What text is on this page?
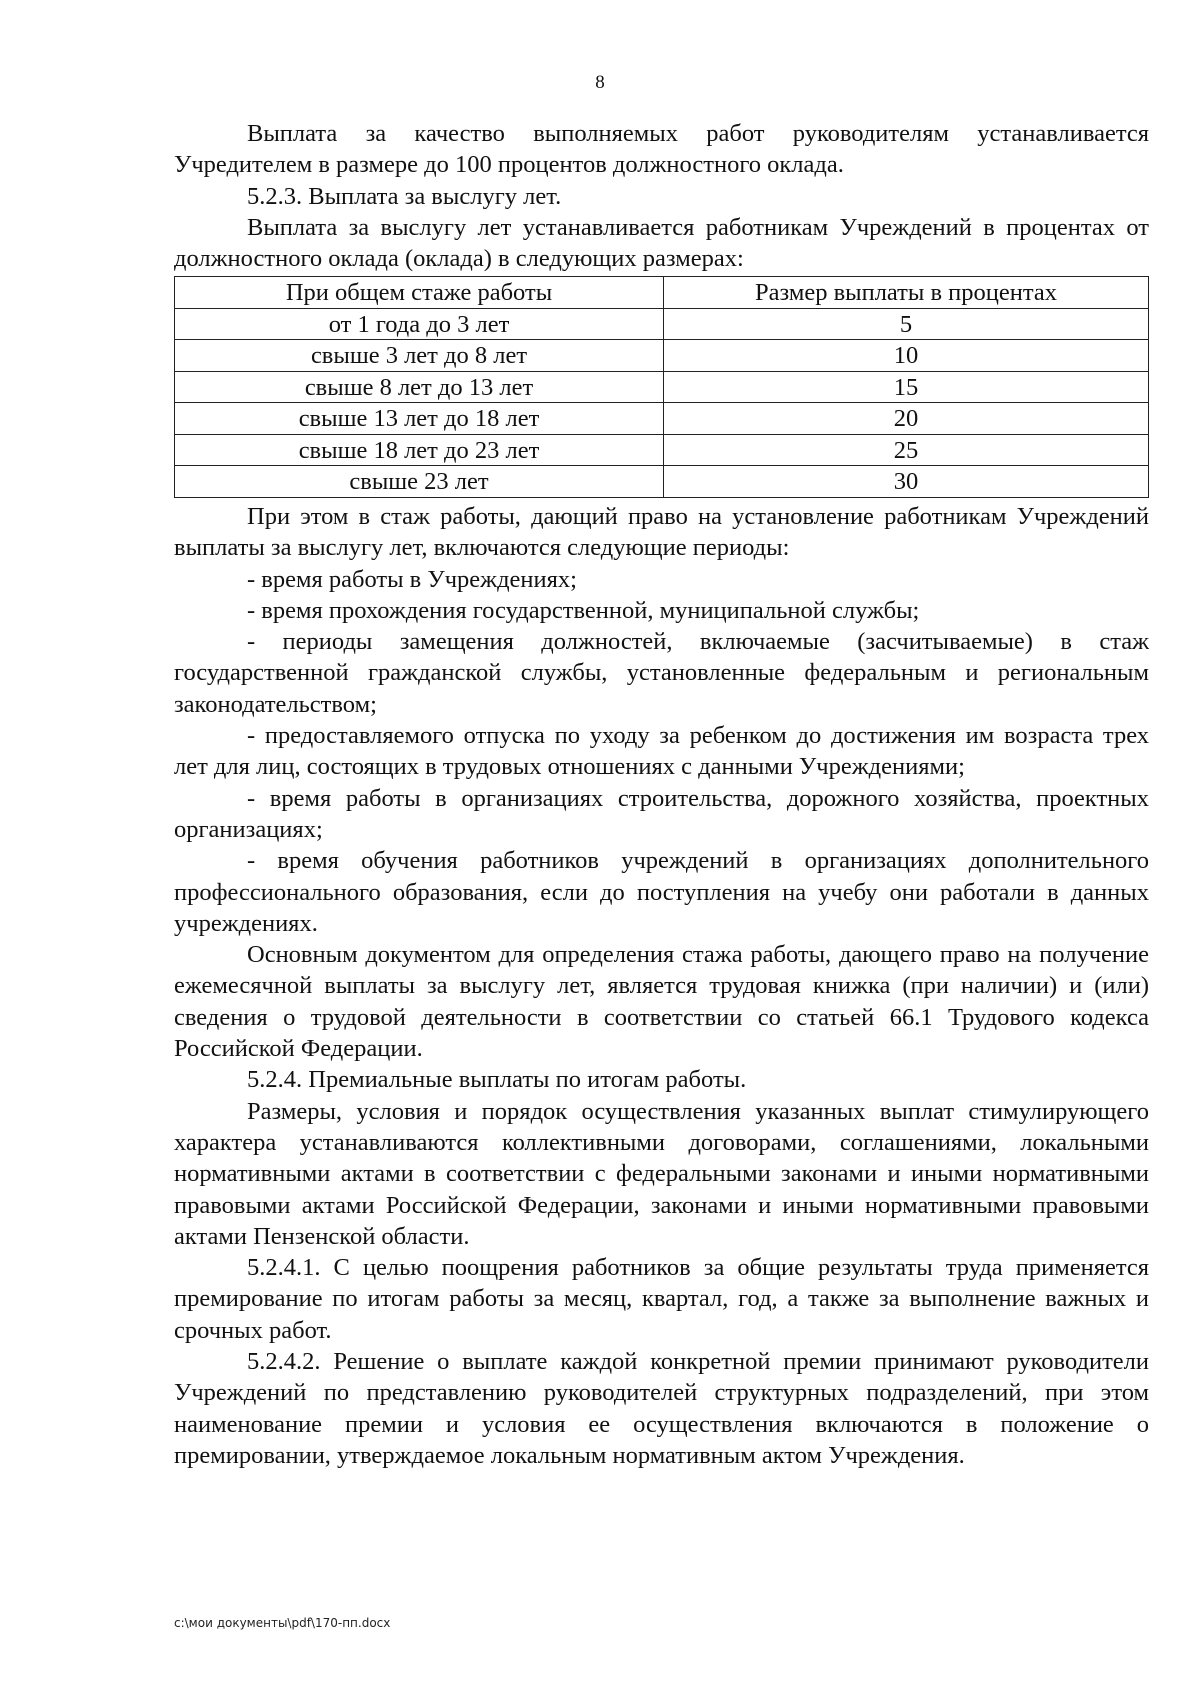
8

Выплата за качество выполняемых работ руководителям устанавливается Учредителем в размере до 100 процентов должностного оклада.

5.2.3. Выплата за выслугу лет.

Выплата за выслугу лет устанавливается работникам Учреждений в процентах от должностного оклада (оклада) в следующих размерах:

При общем стаже работы	Размер выплаты в процентах
от 1 года до 3 лет	5
свыше 3 лет до 8 лет	10
свыше 8 лет до 13 лет	15
свыше 13 лет до 18 лет	20
свыше 18 лет до 23 лет	25
свыше 23 лет	30

При этом в стаж работы, дающий право на установление работникам Учреждений выплаты за выслугу лет, включаются следующие периоды:

- время работы в Учреждениях;

- время прохождения государственной, муниципальной службы;

- периоды замещения должностей, включаемые (засчитываемые) в стаж государственной гражданской службы, установленные федеральным и региональным законодательством;

- предоставляемого отпуска по уходу за ребенком до достижения им возраста трех лет для лиц, состоящих в трудовых отношениях с данными Учреждениями;

- время работы в организациях строительства, дорожного хозяйства, проектных организациях;

- время обучения работников учреждений в организациях дополнительного профессионального образования, если до поступления на учебу они работали в данных учреждениях.

Основным документом для определения стажа работы, дающего право на получение ежемесячной выплаты за выслугу лет, является трудовая книжка (при наличии) и (или) сведения о трудовой деятельности в соответствии со статьей 66.1 Трудового кодекса Российской Федерации.

5.2.4. Премиальные выплаты по итогам работы.

Размеры, условия и порядок осуществления указанных выплат стимулирующего характера устанавливаются коллективными договорами, соглашениями, локальными нормативными актами в соответствии с федеральными законами и иными нормативными правовыми актами Российской Федерации, законами и иными нормативными правовыми актами Пензенской области.

5.2.4.1. С целью поощрения работников за общие результаты труда применяется премирование по итогам работы за месяц, квартал, год, а также за выполнение важных и срочных работ.

5.2.4.2. Решение о выплате каждой конкретной премии принимают руководители Учреждений по представлению руководителей структурных подразделений, при этом наименование премии и условия ее осуществления включаются в положение о премировании, утверждаемое локальным нормативным актом Учреждения.

c:\мои документы\pdf\170-пп.docx
